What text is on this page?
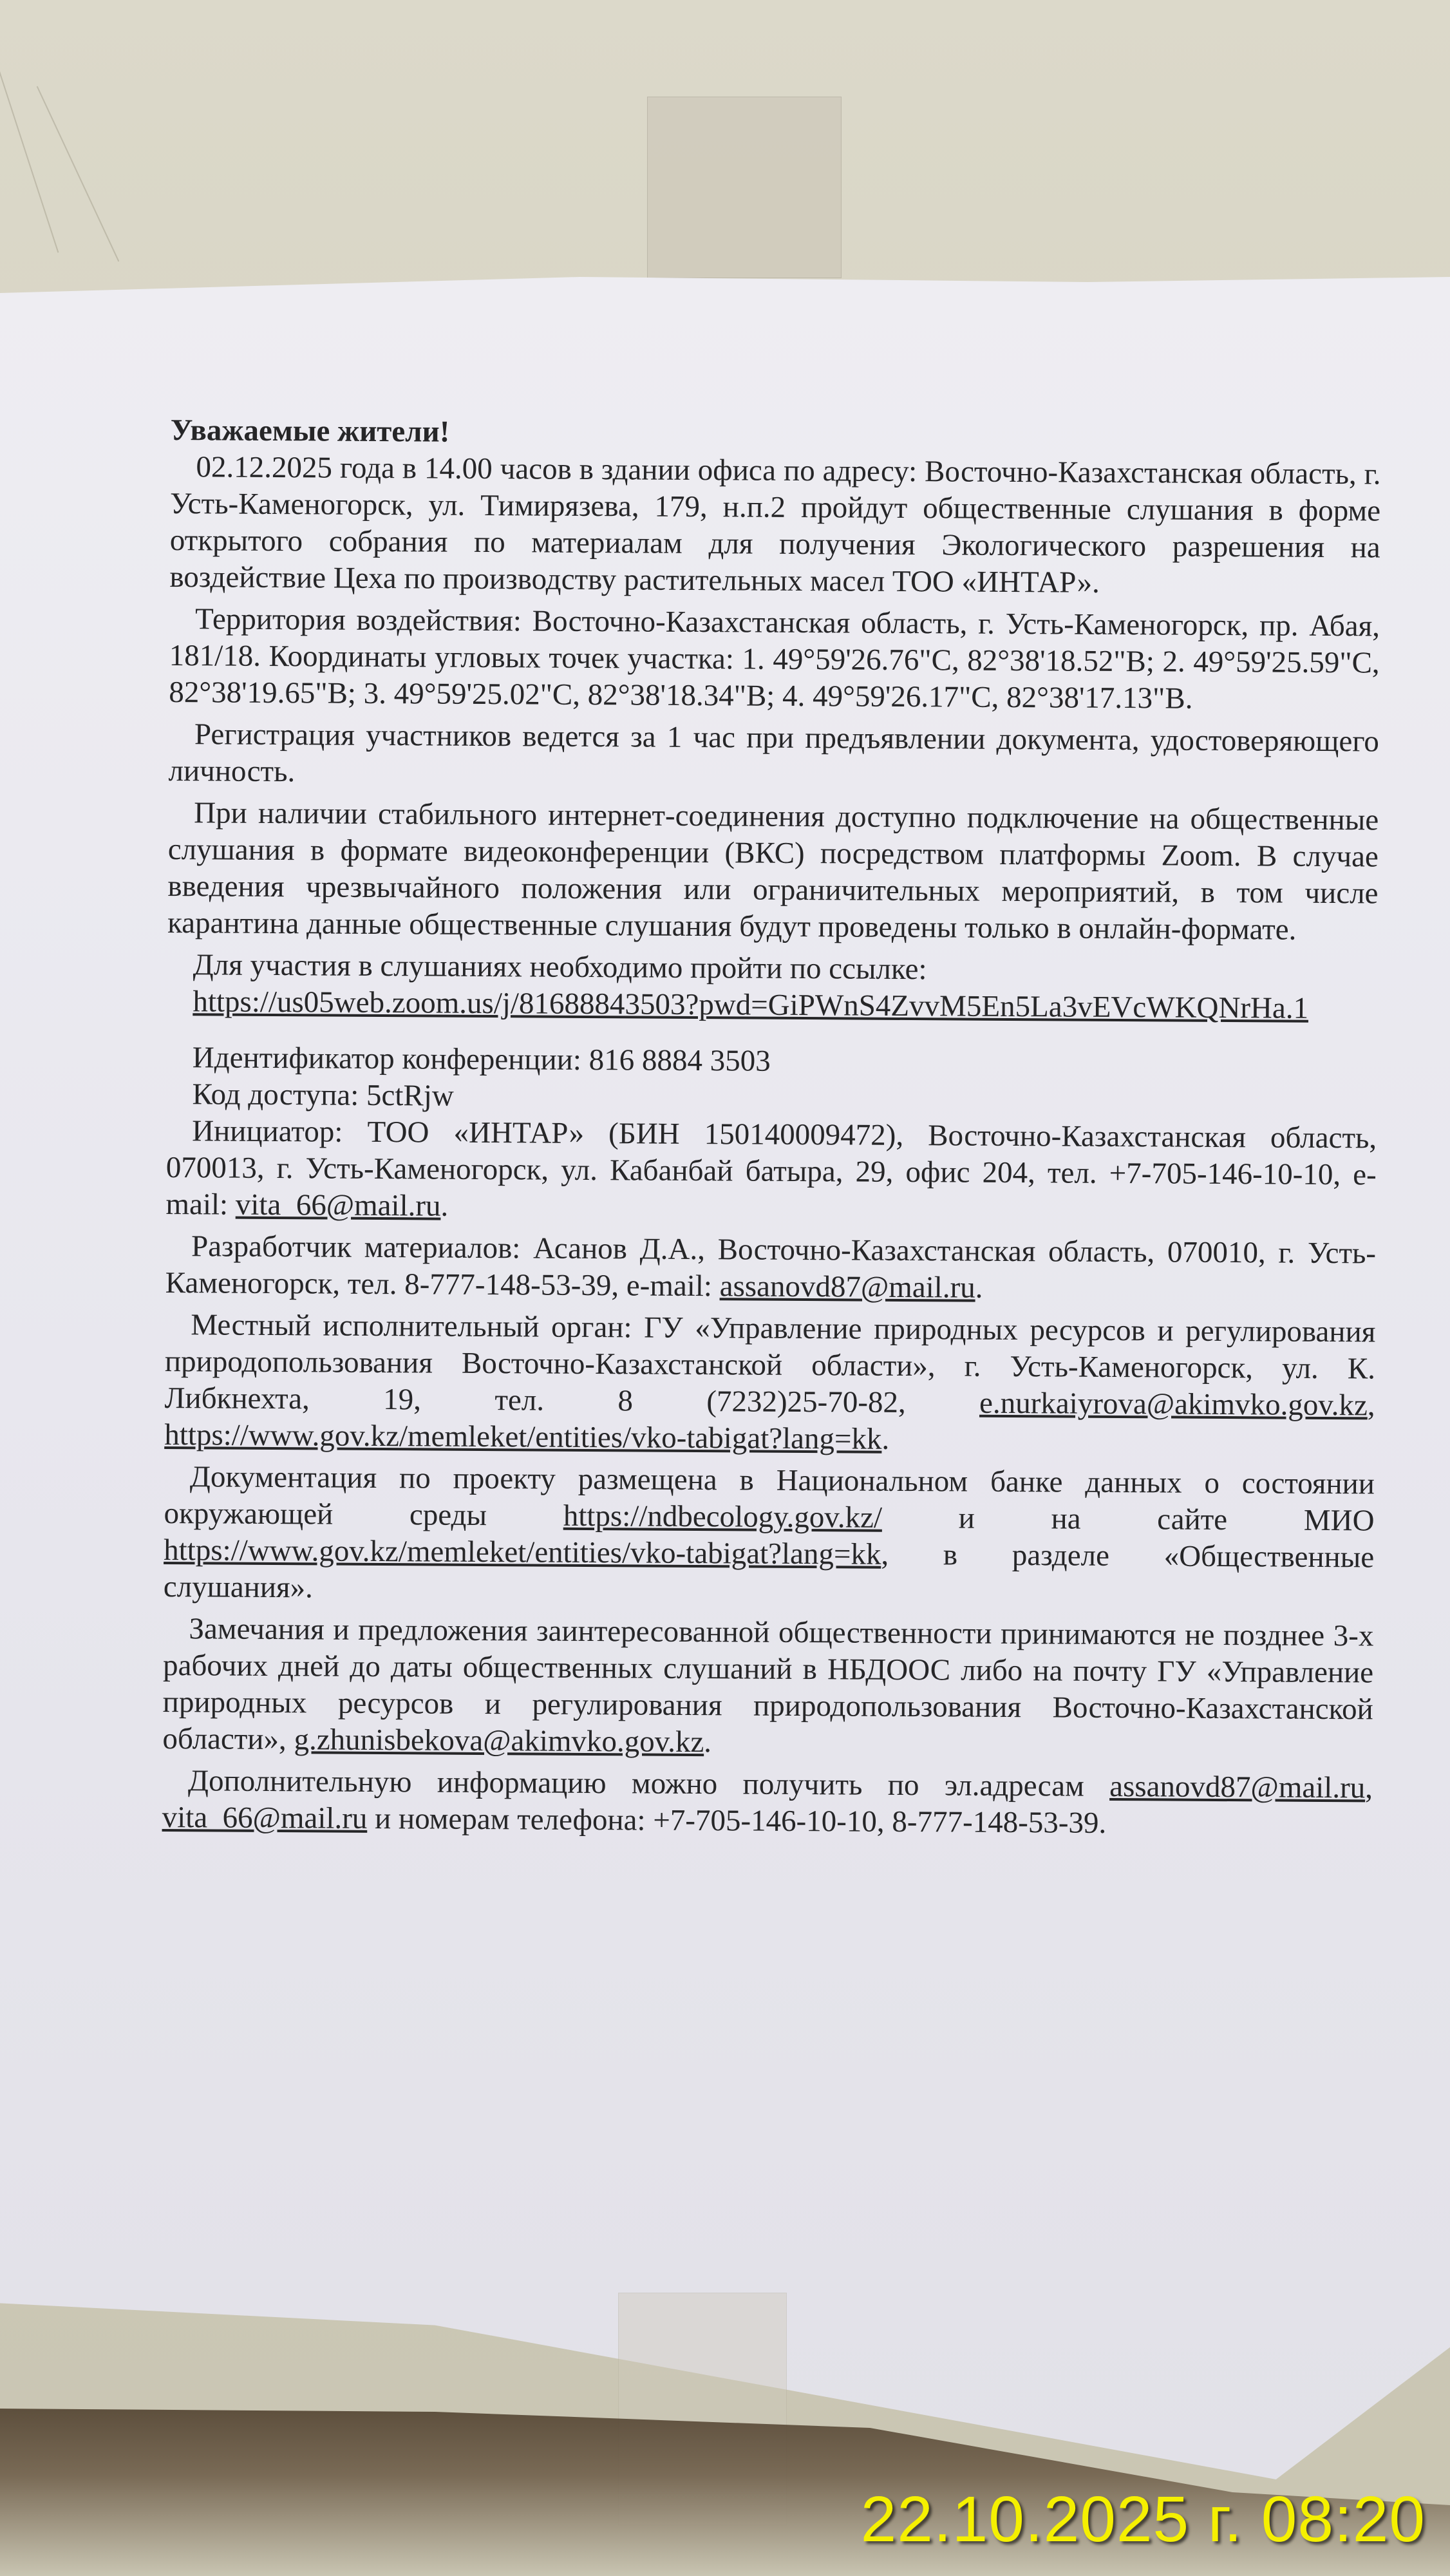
Уважаемые жители!

02.12.2025 года в 14.00 часов в здании офиса по адресу: Восточно-Казахстанская область, г. Усть-Каменогорск, ул. Тимирязева, 179, н.п.2 пройдут общественные слушания в форме открытого собрания по материалам для получения Экологического разрешения на воздействие Цеха по производству растительных масел ТОО «ИНТАР».

Территория воздействия: Восточно-Казахстанская область, г. Усть-Каменогорск, пр. Абая, 181/18. Координаты угловых точек участка: 1. 49°59'26.76"С, 82°38'18.52"В; 2. 49°59'25.59"С, 82°38'19.65"В; 3. 49°59'25.02"С, 82°38'18.34"В; 4. 49°59'26.17"С, 82°38'17.13"В.

Регистрация участников ведется за 1 час при предъявлении документа, удостоверяющего личность.

При наличии стабильного интернет-соединения доступно подключение на общественные слушания в формате видеоконференции (ВКС) посредством платформы Zoom. В случае введения чрезвычайного положения или ограничительных мероприятий, в том числе карантина данные общественные слушания будут проведены только в онлайн-формате.

Для участия в слушаниях необходимо пройти по ссылке:

https://us05web.zoom.us/j/81688843503?pwd=GiPWnS4ZvvM5En5La3vEVcWKQNrHa.1

Идентификатор конференции: 816 8884 3503

Код доступа: 5ctRjw

Инициатор: ТОО «ИНТАР» (БИН 150140009472), Восточно-Казахстанская область, 070013, г. Усть-Каменогорск, ул. Кабанбай батыра, 29, офис 204, тел. +7-705-146-10-10, e-mail: vita_66@mail.ru.

Разработчик материалов: Асанов Д.А., Восточно-Казахстанская область, 070010, г. Усть-Каменогорск, тел. 8-777-148-53-39, e-mail: assanovd87@mail.ru.

Местный исполнительный орган: ГУ «Управление природных ресурсов и регулирования природопользования Восточно-Казахстанской области», г. Усть-Каменогорск, ул. К. Либкнехта, 19, тел. 8 (7232)25-70-82, e.nurkaiyrova@akimvko.gov.kz, https://www.gov.kz/memleket/entities/vko-tabigat?lang=kk.

Документация по проекту размещена в Национальном банке данных о состоянии окружающей среды https://ndbecology.gov.kz/ и на сайте МИО https://www.gov.kz/memleket/entities/vko-tabigat?lang=kk, в разделе «Общественные слушания».

Замечания и предложения заинтересованной общественности принимаются не позднее 3-х рабочих дней до даты общественных слушаний в НБДООС либо на почту ГУ «Управление природных ресурсов и регулирования природопользования Восточно-Казахстанской области», g.zhunisbekova@akimvko.gov.kz.

Дополнительную информацию можно получить по эл.адресам assanovd87@mail.ru, vita_66@mail.ru и номерам телефона: +7-705-146-10-10, 8-777-148-53-39.

22.10.2025 г. 08:20
